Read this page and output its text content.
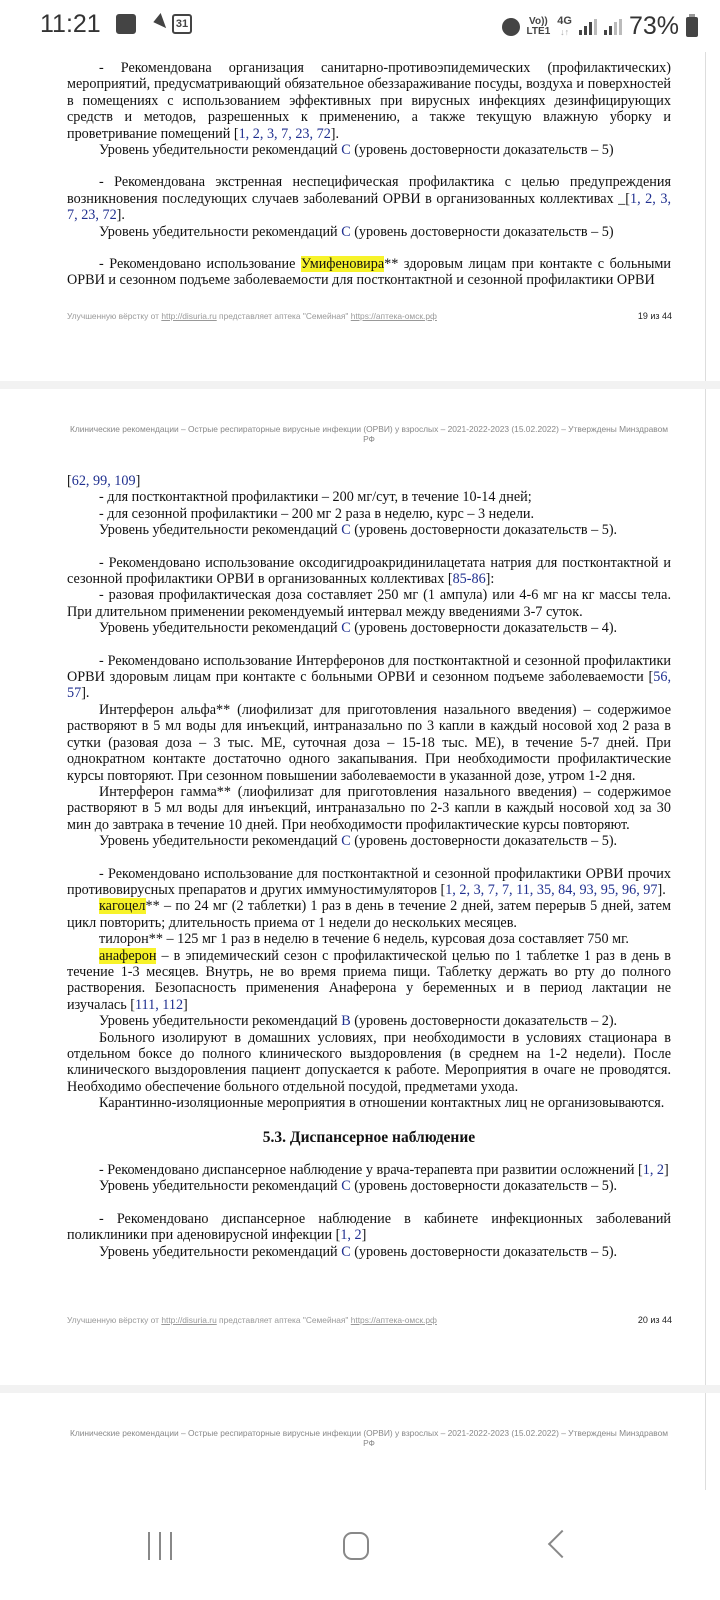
11:21	31	Vo))
LTE1
4G
↓↑ 73%

- Рекомендована организация санитарно-противоэпидемических (профилактических) мероприятий, предусматривающий обязательное обеззараживание посуды, воздуха и поверхностей в помещениях с использованием эффективных при вирусных инфекциях дезинфицирующих средств и методов, разрешенных к применению, а также текущую влажную уборку и проветривание помещений [1, 2, 3, 7, 23, 72].

Уровень убедительности рекомендаций C (уровень достоверности доказательств – 5)

- Рекомендована экстренная неспецифическая профилактика с целью предупреждения возникновения последующих случаев заболеваний ОРВИ в организованных коллективах _[1, 2, 3, 7, 23, 72].

Уровень убедительности рекомендаций C (уровень достоверности доказательств – 5)

- Рекомендовано использование Умифеновира** здоровым лицам при контакте с больными ОРВИ и сезонном подъеме заболеваемости для постконтактной и сезонной профилактики ОРВИ

Улучшенную вёрстку от http://disuria.ru представляет аптека "Семейная" https://аптека-омск.рф	19 из 44
Клинические рекомендации – Острые респираторные вирусные инфекции (ОРВИ) у взрослых – 2021-2022-2023 (15.02.2022) – Утверждены Минздравом РФ

[62, 99, 109]

- для постконтактной профилактики – 200 мг/сут, в течение 10-14 дней;

- для сезонной профилактики – 200 мг 2 раза в неделю, курс – 3 недели.

Уровень убедительности рекомендаций C (уровень достоверности доказательств – 5).

- Рекомендовано использование оксодигидроакридинилацетата натрия для постконтактной и сезонной профилактики ОРВИ в организованных коллективах [85-86]:

- разовая профилактическая доза составляет 250 мг (1 ампула) или 4-6 мг на кг массы тела. При длительном применении рекомендуемый интервал между введениями 3-7 суток.

Уровень убедительности рекомендаций C (уровень достоверности доказательств – 4).

- Рекомендовано использование Интерферонов для постконтактной и сезонной профилактики ОРВИ здоровым лицам при контакте с больными ОРВИ и сезонном подъеме заболеваемости [56, 57].

Интерферон альфа** (лиофилизат для приготовления назального введения) – содержимое растворяют в 5 мл воды для инъекций, интраназально по 3 капли в каждый носовой ход 2 раза в сутки (разовая доза – 3 тыс. МЕ, суточная доза – 15-18 тыс. МЕ), в течение 5-7 дней. При однократном контакте достаточно одного закапывания. При необходимости профилактические курсы повторяют. При сезонном повышении заболеваемости в указанной дозе, утром 1-2 дня.

Интерферон гамма** (лиофилизат для приготовления назального введения) – содержимое растворяют в 5 мл воды для инъекций, интраназально по 2-3 капли в каждый носовой ход за 30 мин до завтрака в течение 10 дней. При необходимости профилактические курсы повторяют.

Уровень убедительности рекомендаций C (уровень достоверности доказательств – 5).

- Рекомендовано использование для постконтактной и сезонной профилактики ОРВИ прочих противовирусных препаратов и других иммуностимуляторов [1, 2, 3, 7, 7, 11, 35, 84, 93, 95, 96, 97].

кагоцел** – по 24 мг (2 таблетки) 1 раз в день в течение 2 дней, затем перерыв 5 дней, затем цикл повторить; длительность приема от 1 недели до нескольких месяцев.

тилорон** – 125 мг 1 раз в неделю в течение 6 недель, курсовая доза составляет 750 мг.

анаферон – в эпидемический сезон с профилактической целью по 1 таблетке 1 раз в день в течение 1-3 месяцев. Внутрь, не во время приема пищи. Таблетку держать во рту до полного растворения. Безопасность применения Анаферона у беременных и в период лактации не изучалась [111, 112]

Уровень убедительности рекомендаций B (уровень достоверности доказательств – 2).

Больного изолируют в домашних условиях, при необходимости в условиях стационара в отдельном боксе до полного клинического выздоровления (в среднем на 1-2 недели). После клинического выздоровления пациент допускается к работе. Мероприятия в очаге не проводятся. Необходимо обеспечение больного отдельной посудой, предметами ухода.

Карантинно-изоляционные мероприятия в отношении контактных лиц не организовываются.

5.3. Диспансерное наблюдение

- Рекомендовано диспансерное наблюдение у врача-терапевта при развитии осложнений [1, 2]

Уровень убедительности рекомендаций C (уровень достоверности доказательств – 5).

- Рекомендовано диспансерное наблюдение в кабинете инфекционных заболеваний поликлиники при аденовирусной инфекции [1, 2]

Уровень убедительности рекомендаций C (уровень достоверности доказательств – 5).

Улучшенную вёрстку от http://disuria.ru представляет аптека "Семейная" https://аптека-омск.рф	20 из 44
Клинические рекомендации – Острые респираторные вирусные инфекции (ОРВИ) у взрослых – 2021-2022-2023 (15.02.2022) – Утверждены Минздравом РФ
